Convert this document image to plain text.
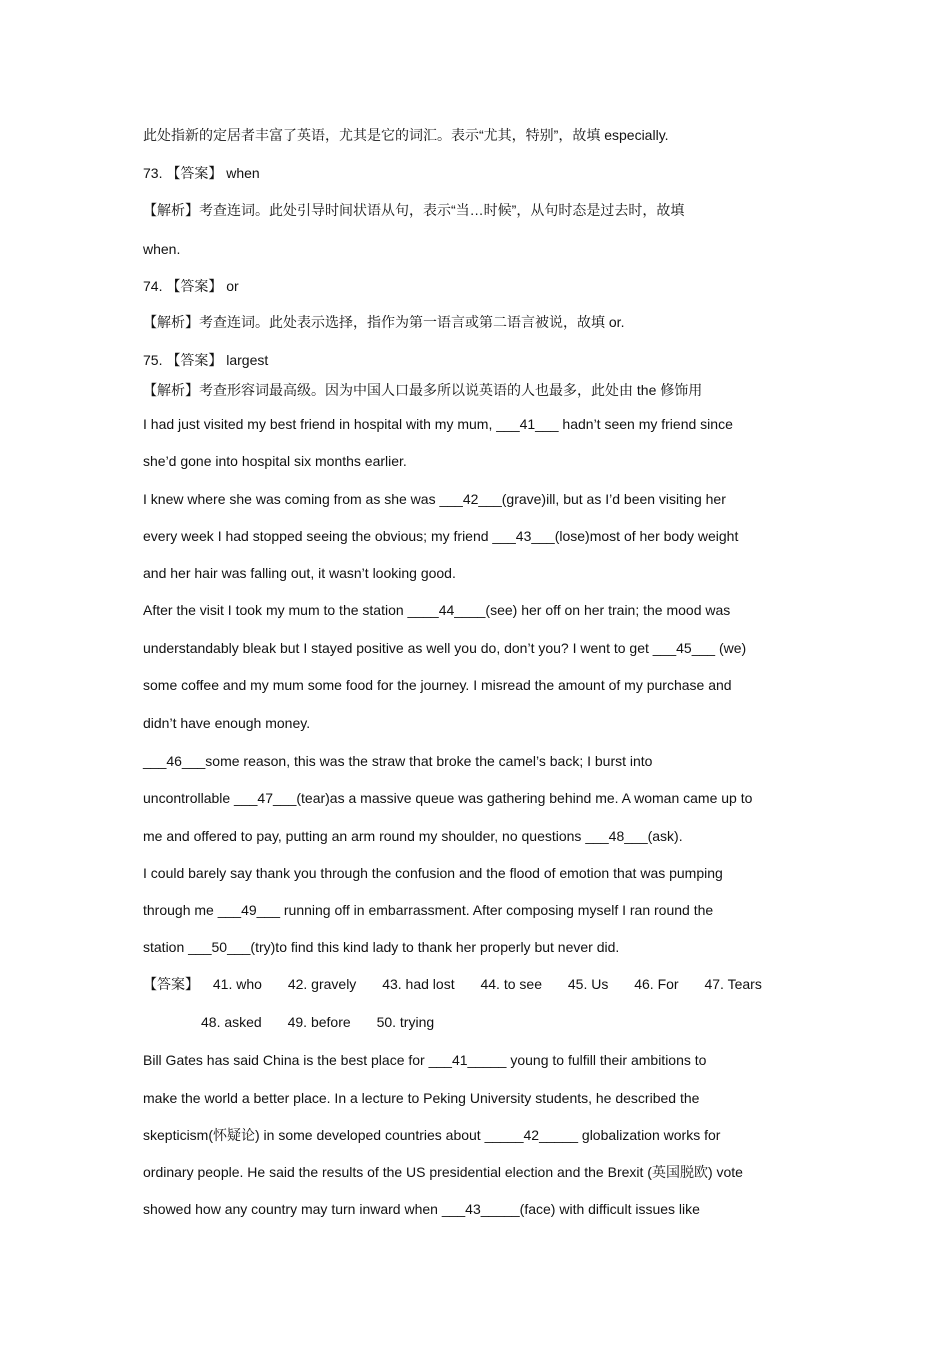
此处指新的定居者丰富了英语，尤其是它的词汇。表示“尤其，特别”，故填 especially.
73. 【答案】 when
【解析】考查连词。此处引导时间状语从句，表示“当…时候”，从句时态是过去时，故填
when.
74. 【答案】 or
【解析】考查连词。此处表示选择，指作为第一语言或第二语言被说，故填 or.
75. 【答案】 largest
【解析】考查形容词最高级。因为中国人口最多所以说英语的人也最多，此处由 the 修饰用
I had just visited my best friend in hospital with my mum, ___41___ hadn’t seen my friend since
she’d gone into hospital six months earlier.
I knew where she was coming from as she was ___42___(grave)ill, but as I’d been visiting her
every week I had stopped seeing the obvious; my friend ___43___(lose)most of her body weight
and her hair was falling out, it wasn’t looking good.
After the visit I took my mum to the station ____44____(see) her off on her train; the mood was
understandably bleak but I stayed positive as well you do, don’t you? I went to get ___45___ (we)
some coffee and my mum some food for the journey. I misread the amount of my purchase and
didn’t have enough money.
___46___some reason, this was the straw that broke the camel’s back; I burst into
uncontrollable ___47___(tear)as a massive queue was gathering behind me. A woman came up to
me and offered to pay, putting an arm round my shoulder, no questions ___48___(ask).
I could barely say thank you through the confusion and the flood of emotion that was pumping
through me ___49___ running off in embarrassment. After composing myself I ran round the
station ___50___(try)to find this kind lady to thank her properly but never did.
【答案】 41. who 42. gravely 43. had lost 44. to see 45. Us 46. For 47. Tears
48. asked 49. before 50. trying
Bill Gates has said China is the best place for ___41_____ young to fulfill their ambitions to
make the world a better place. In a lecture to Peking University students, he described the
skepticism(怀疑论) in some developed countries about _____42_____ globalization works for
ordinary people. He said the results of the US presidential election and the Brexit (英国脱欧) vote
showed how any country may turn inward when ___43_____(face) with difficult issues like
